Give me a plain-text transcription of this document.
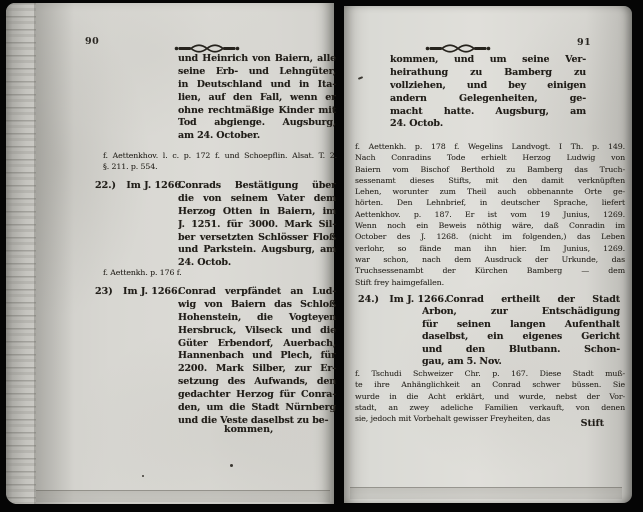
90
und Heinrich von Baiern, alle
seine Erb- und Lehngüter,
in Deutschland und in Ita-
lien, auf den Fall, wenn er
ohne rechtmäßige Kinder mit
Tod abgienge. Augsburg,
am 24. October.
f. Aettenkhov. l. c. p. 172 f. und Schoepflin. Alsat. T. 2.
§. 211. p. 554.
22.) Im J. 1266.
Conrads Bestätigung über
die von seinem Vater dem
Herzog Otten in Baiern, im
J. 1251. für 3000. Mark Sil-
ber versetzten Schlösser Floß
und Parkstein. Augsburg, am
24. Octob.
f. Aettenkh. p. 176 f.
23) Im J. 1266.
Conrad verpfändet an Lud-
wig von Baiern das Schloß
Hohenstein, die Vogteyen
Hersbruck, Vilseck und die
Güter Erbendorf, Auerbach,
Hannenbach und Plech, für
2200. Mark Silber, zur Er-
setzung des Aufwands, den
gedachter Herzog für Conra-
den, um die Stadt Nürnberg
und die Veste daselbst zu be-
kommen,
91
kommen, und um seine Ver-
heirathung zu Bamberg zu
vollziehen, und bey einigen
andern Gelegenheiten, ge-
macht hatte. Augsburg, am
24. Octob.
f. Aettenkh. p. 178 f. Wegelins Landvogt. I Th. p. 149.
Nach Conradins Tode erhielt Herzog Ludwig von
Baiern vom Bischof Berthold zu Bamberg das Truch-
sessenamt dieses Stifts, mit den damit verknüpften
Lehen, worunter zum Theil auch obbenannte Orte ge-
hörten. Den Lehnbrief, in deutscher Sprache, liefert
Aettenkhov. p. 187. Er ist vom 19 Junius, 1269.
Wenn noch ein Beweis nöthig wäre, daß Conradin im
October des J. 1268. (nicht im folgenden,) das Leben
verlohr, so fände man ihn hier. Im Junius, 1269.
war schon, nach dem Ausdruck der Urkunde, das
Truchsessenambt der Kürchen Bamberg — dem
Stift frey haimgefallen.
24.) Im J. 1266.
Conrad ertheilt der Stadt
Arbon, zur Entschädigung
für seinen langen Aufenthalt
daselbst, ein eigenes Gericht
und den Blutbann. Schon-
gau, am 5. Nov.
f. Tschudi Schweizer Chr. p. 167. Diese Stadt muß-
te ihre Anhänglichkeit an Conrad schwer büssen. Sie
wurde in die Acht erklärt, und wurde, nebst der Vor-
stadt, an zwey adeliche Familien verkauft, von denen
sie, jedoch mit Vorbehalt gewisser Freyheiten, das	Stift
